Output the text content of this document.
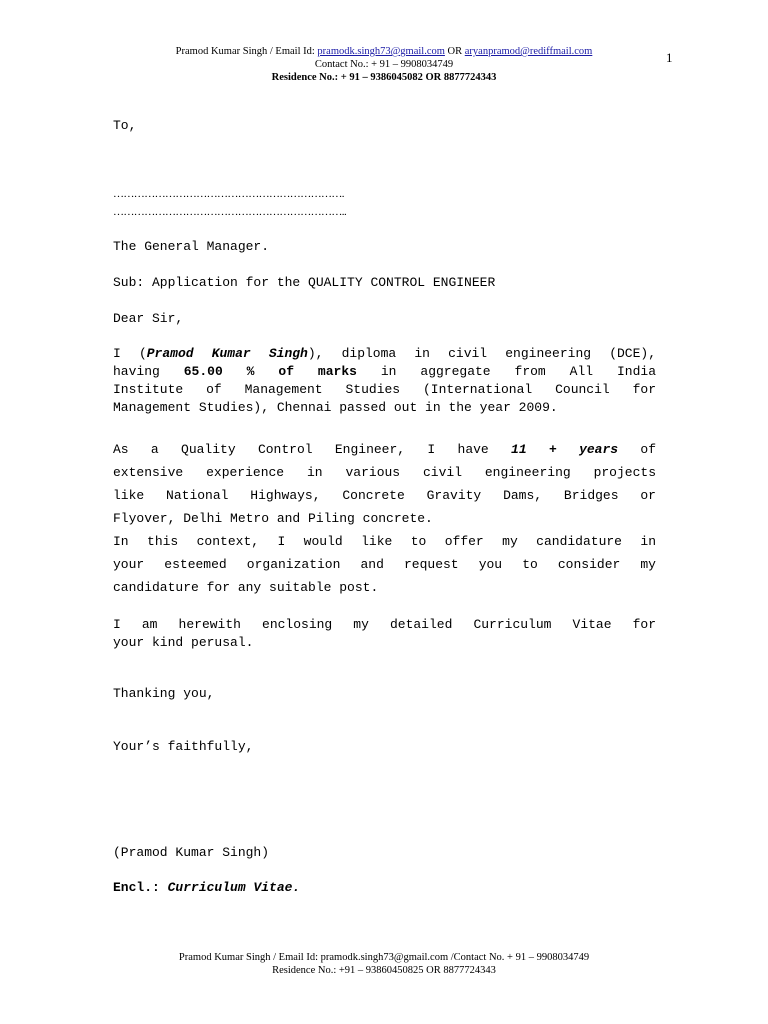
Pramod Kumar Singh / Email Id: pramodk.singh73@gmail.com OR aryanpramod@rediffmail.com
Contact No.: + 91 – 9908034749
Residence No.: + 91 – 9386045082 OR 8877724343
1
To,
………………………………………………………….
…………………………………………………………..
The General Manager.
Sub: Application for the QUALITY CONTROL ENGINEER
Dear Sir,
I (Pramod Kumar Singh), diploma in civil engineering (DCE),
having 65.00 % of marks in aggregate from All India
Institute of Management Studies (International Council for
Management Studies), Chennai passed out in the year 2009.
As a Quality Control Engineer, I have 11 + years of
extensive experience in various civil engineering projects
like National Highways, Concrete Gravity Dams, Bridges or
Flyover, Delhi Metro and Piling concrete.
In this context, I would like to offer my candidature in
your esteemed organization and request you to consider my
candidature for any suitable post.
I am herewith enclosing my detailed Curriculum Vitae for
your kind perusal.
Thanking you,
Your’s faithfully,
(Pramod Kumar Singh)
Encl.: Curriculum Vitae.
Pramod Kumar Singh / Email Id: pramodk.singh73@gmail.com /Contact No. + 91 – 9908034749
Residence No.: +91 – 93860450825 OR 8877724343
